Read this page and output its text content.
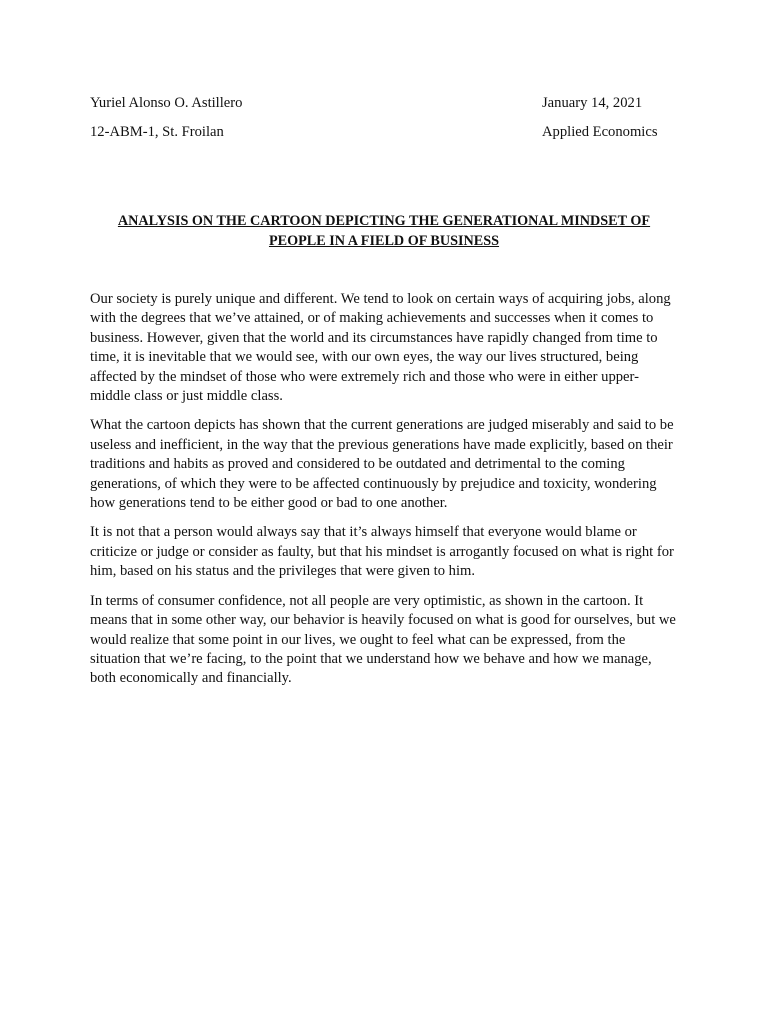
Yuriel Alonso O. Astillero	January 14, 2021
12-ABM-1, St. Froilan	Applied Economics
ANALYSIS ON THE CARTOON DEPICTING THE GENERATIONAL MINDSET OF PEOPLE IN A FIELD OF BUSINESS

Our society is purely unique and different. We tend to look on certain ways of acquiring jobs, along with the degrees that we’ve attained, or of making achievements and successes when it comes to business. However, given that the world and its circumstances have rapidly changed from time to time, it is inevitable that we would see, with our own eyes, the way our lives structured, being affected by the mindset of those who were extremely rich and those who were in either upper-middle class or just middle class.

What the cartoon depicts has shown that the current generations are judged miserably and said to be useless and inefficient, in the way that the previous generations have made explicitly, based on their traditions and habits as proved and considered to be outdated and detrimental to the coming generations, of which they were to be affected continuously by prejudice and toxicity, wondering how generations tend to be either good or bad to one another.

It is not that a person would always say that it’s always himself that everyone would blame or criticize or judge or consider as faulty, but that his mindset is arrogantly focused on what is right for him, based on his status and the privileges that were given to him.

In terms of consumer confidence, not all people are very optimistic, as shown in the cartoon. It means that in some other way, our behavior is heavily focused on what is good for ourselves, but we would realize that some point in our lives, we ought to feel what can be expressed, from the situation that we’re facing, to the point that we understand how we behave and how we manage, both economically and financially.
